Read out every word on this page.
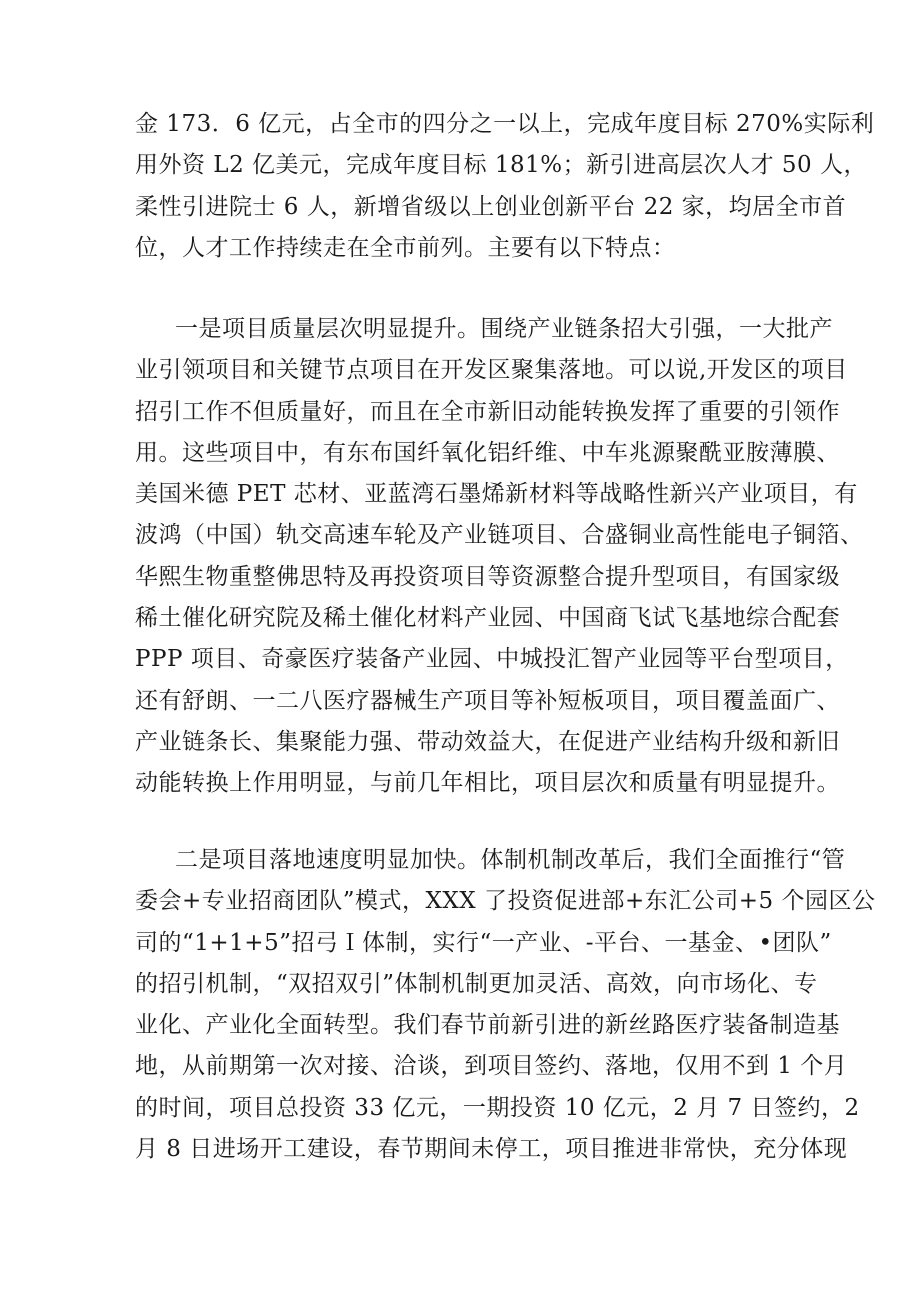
金 173．6 亿元，占全市的四分之一以上，完成年度目标 270%实际利
用外资 L2 亿美元，完成年度目标 181%；新引进高层次人才 50 人，
柔性引进院士 6 人，新增省级以上创业创新平台 22 家，均居全市首
位，人才工作持续走在全市前列。主要有以下特点：
一是项目质量层次明显提升。围绕产业链条招大引强，一大批产
业引领项目和关键节点项目在开发区聚集落地。可以说,开发区的项目
招引工作不但质量好，而且在全市新旧动能转换发挥了重要的引领作
用。这些项目中，有东布国纤氧化铝纤维、中车兆源聚酰亚胺薄膜、
美国米德 PET 芯材、亚蓝湾石墨烯新材料等战略性新兴产业项目，有
波鸿（中国）轨交高速车轮及产业链项目、合盛铜业高性能电子铜箔、
华熙生物重整佛思特及再投资项目等资源整合提升型项目，有国家级
稀土催化研究院及稀土催化材料产业园、中国商飞试飞基地综合配套
PPP 项目、奇豪医疗装备产业园、中城投汇智产业园等平台型项目，
还有舒朗、一二八医疗器械生产项目等补短板项目，项目覆盖面广、
产业链条长、集聚能力强、带动效益大，在促进产业结构升级和新旧
动能转换上作用明显，与前几年相比，项目层次和质量有明显提升。
二是项目落地速度明显加快。体制机制改革后，我们全面推行“管
委会+专业招商团队”模式，XXX 了投资促进部+东汇公司+5 个园区公
司的“1+1+5”招弓Ｉ体制，实行“一产业、-平台、一基金、•团队”
的招引机制，“双招双引”体制机制更加灵活、高效，向市场化、专
业化、产业化全面转型。我们春节前新引进的新丝路医疗装备制造基
地，从前期第一次对接、洽谈，到项目签约、落地，仅用不到 1 个月
的时间，项目总投资 33 亿元，一期投资 10 亿元，2 月 7 日签约，2
月 8 日进场开工建设，春节期间未停工，项目推进非常快，充分体现
